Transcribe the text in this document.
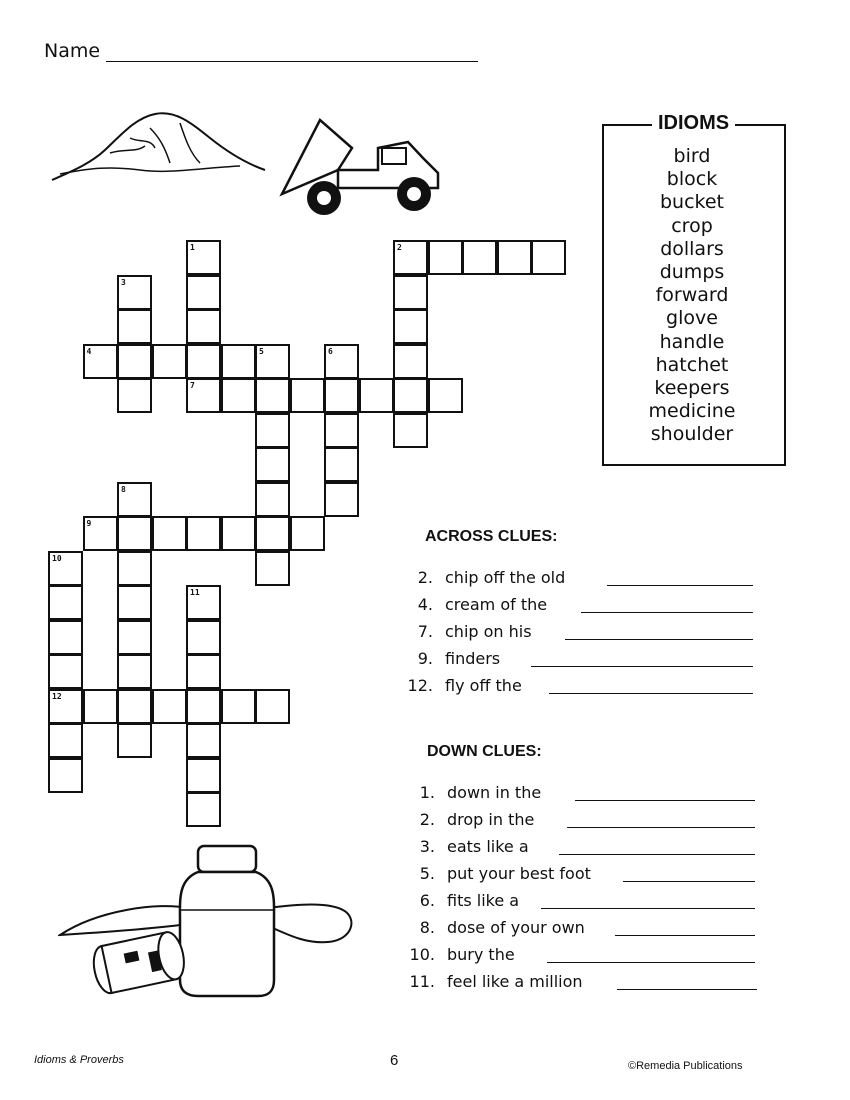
Name
IDIOMS
bird
block
bucket
crop
dollars
dumps
forward
glove
handle
hatchet
keepers
medicine
shoulder
2
4	5
7
9
12
1
3
6
8
10
11
ACROSS CLUES:
2. chip off the old
4. cream of the
7. chip on his
9. finders
12. fly off the
DOWN CLUES:
1. down in the
2. drop in the
3. eats like a
5. put your best foot
6. fits like a
8. dose of your own
10. bury the
11. feel like a million
Idioms & Proverbs	6	©Remedia Publications
